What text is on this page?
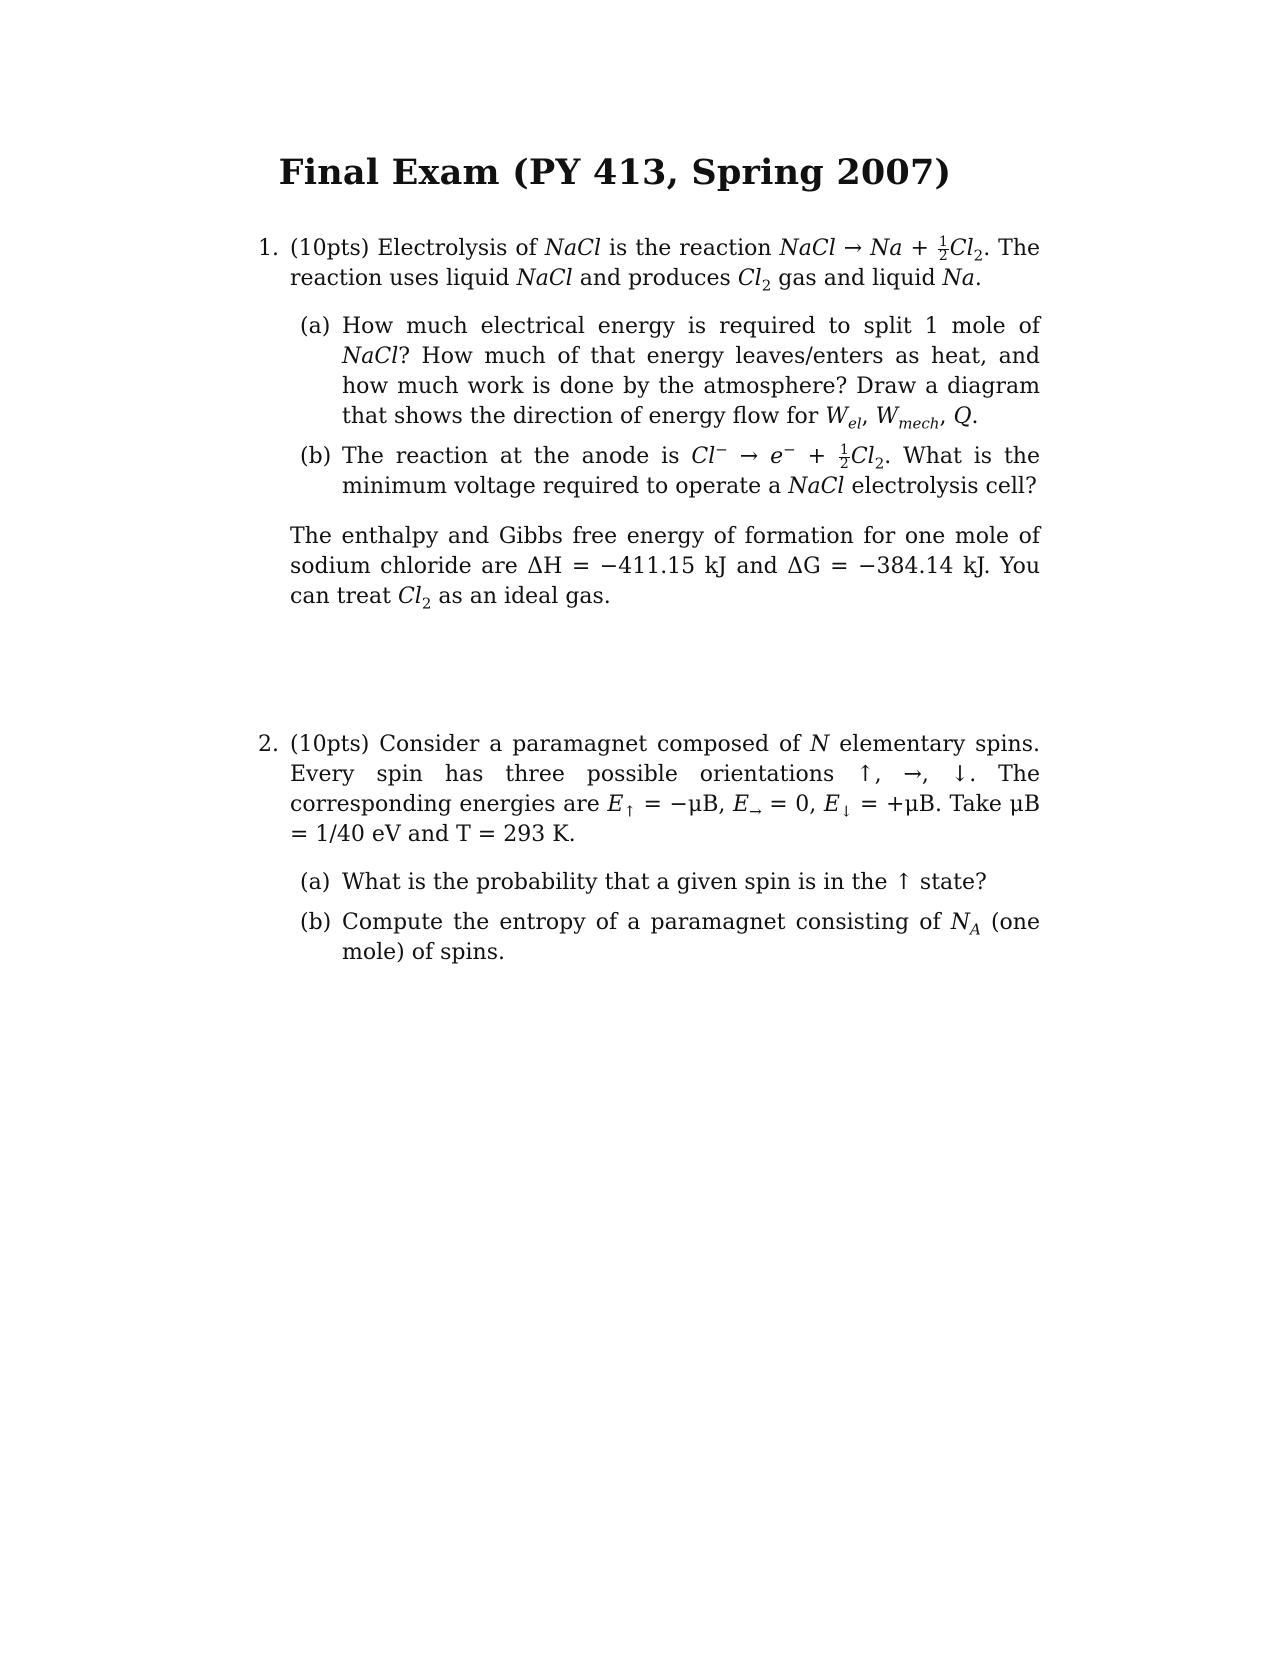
Final Exam (PY 413, Spring 2007)
1. (10pts) Electrolysis of NaCl is the reaction NaCl → $Na + \frac{1}{2} Cl_2$. The reaction uses liquid NaCl and produces $Cl_2$ gas and liquid Na.

(a) How much electrical energy is required to split 1 mole of NaCl? How much of that energy leaves/enters as heat, and how much work is done by the atmosphere? Draw a diagram that shows the direction of energy flow for $W_{el}$, $W_{mech}$, Q.
(b) The reaction at the anode is $Cl^- \to e^- + \frac{1}{2} Cl_2$. What is the minimum voltage required to operate a NaCl electrolysis cell?

The enthalpy and Gibbs free energy of formation for one mole of sodium chloride are ΔH = −411.15 kJ and ΔG = −384.14 kJ. You can treat $Cl_2$ as an ideal gas.

2. (10pts) Consider a paramagnet composed of N elementary spins. Every spin has three possible orientations ↑, →, ↓. The corresponding energies are $E_↑ = -\mu B$, $E_\to = 0$, $E_↓ = +\mu B$. Take μB = 1/40 eV and T = 293 K.

(a) What is the probability that a given spin is in the ↑ state?
(b) Compute the entropy of a paramagnet consisting of $N_A$ (one mole) of spins.
